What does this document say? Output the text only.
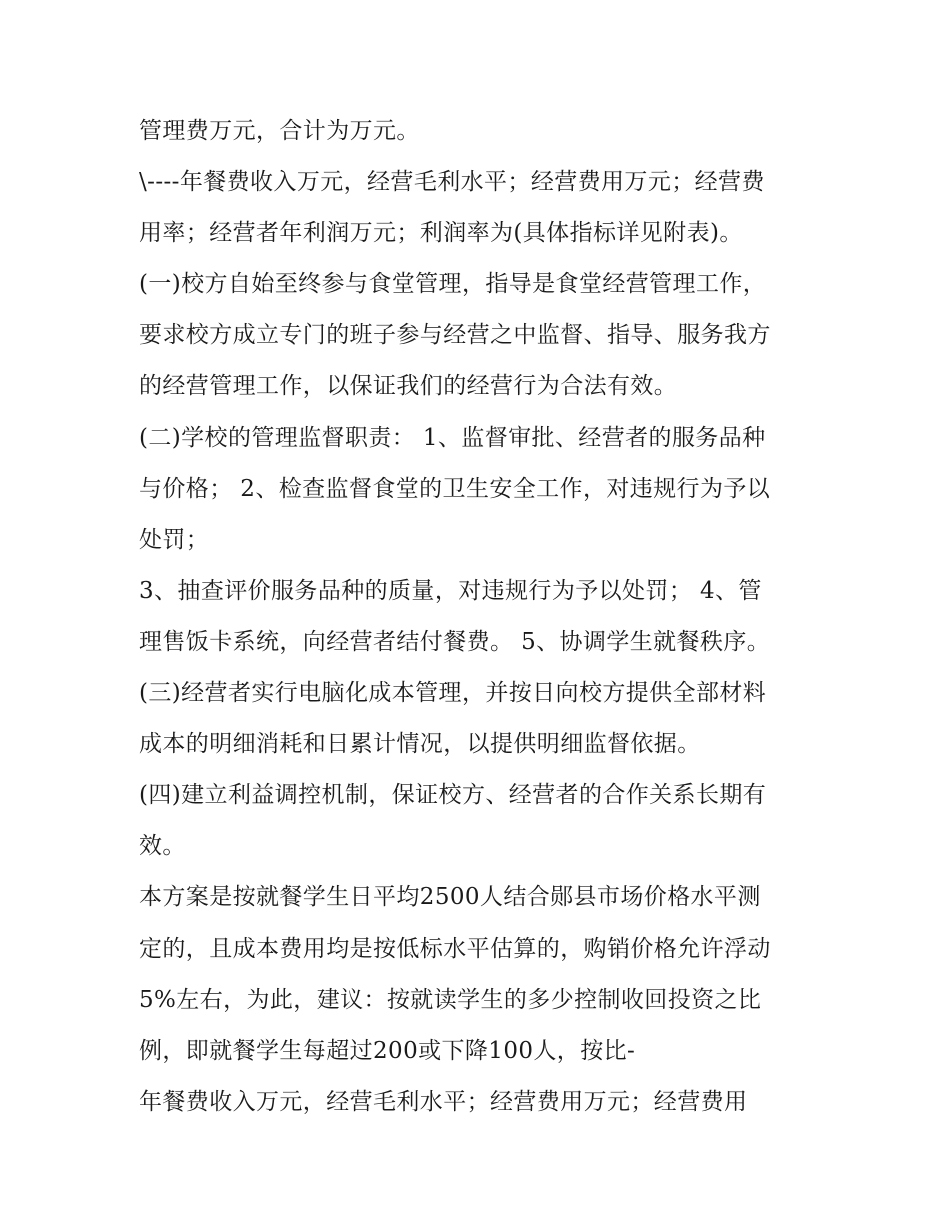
管理费万元，合计为万元。
\----年餐费收入万元，经营毛利水平；经营费用万元；经营费
用率；经营者年利润万元；利润率为(具体指标详见附表)。
(一)校方自始至终参与食堂管理，指导是食堂经营管理工作，
要求校方成立专门的班子参与经营之中监督、指导、服务我方
的经营管理工作，以保证我们的经营行为合法有效。
(二)学校的管理监督职责： 1、监督审批、经营者的服务品种
与价格； 2、检查监督食堂的卫生安全工作，对违规行为予以
处罚；
3、抽查评价服务品种的质量，对违规行为予以处罚； 4、管
理售饭卡系统，向经营者结付餐费。 5、协调学生就餐秩序。
(三)经营者实行电脑化成本管理，并按日向校方提供全部材料
成本的明细消耗和日累计情况，以提供明细监督依据。
(四)建立利益调控机制，保证校方、经营者的合作关系长期有
效。
本方案是按就餐学生日平均2500人结合郧县市场价格水平测
定的，且成本费用均是按低标水平估算的，购销价格允许浮动
5%左右，为此，建议：按就读学生的多少控制收回投资之比
例，即就餐学生每超过200或下降100人，按比-
年餐费收入万元，经营毛利水平；经营费用万元；经营费用
